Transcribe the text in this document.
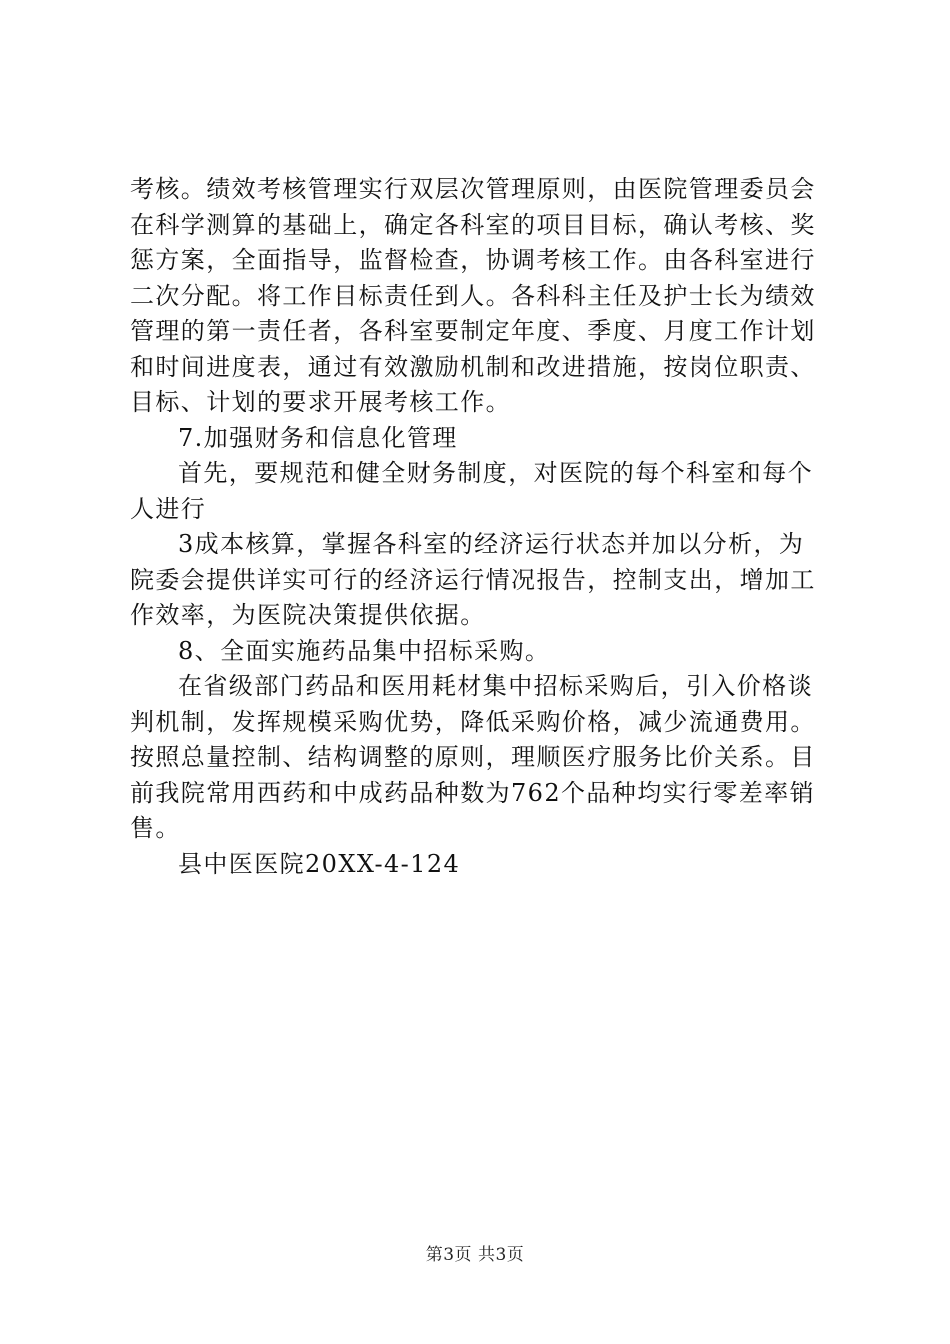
考核。绩效考核管理实行双层次管理原则，由医院管理委员会
在科学测算的基础上，确定各科室的项目目标，确认考核、奖
惩方案，全面指导，监督检查，协调考核工作。由各科室进行
二次分配。将工作目标责任到人。各科科主任及护士长为绩效
管理的第一责任者，各科室要制定年度、季度、月度工作计划
和时间进度表，通过有效激励机制和改进措施，按岗位职责、
目标、计划的要求开展考核工作。
7.加强财务和信息化管理
首先，要规范和健全财务制度，对医院的每个科室和每个
人进行
3成本核算，掌握各科室的经济运行状态并加以分析，为
院委会提供详实可行的经济运行情况报告，控制支出，增加工
作效率，为医院决策提供依据。
8、全面实施药品集中招标采购。
在省级部门药品和医用耗材集中招标采购后，引入价格谈
判机制，发挥规模采购优势，降低采购价格，减少流通费用。
按照总量控制、结构调整的原则，理顺医疗服务比价关系。目
前我院常用西药和中成药品种数为762个品种均实行零差率销
售。
县中医医院20XX-4-124
第3页 共3页
